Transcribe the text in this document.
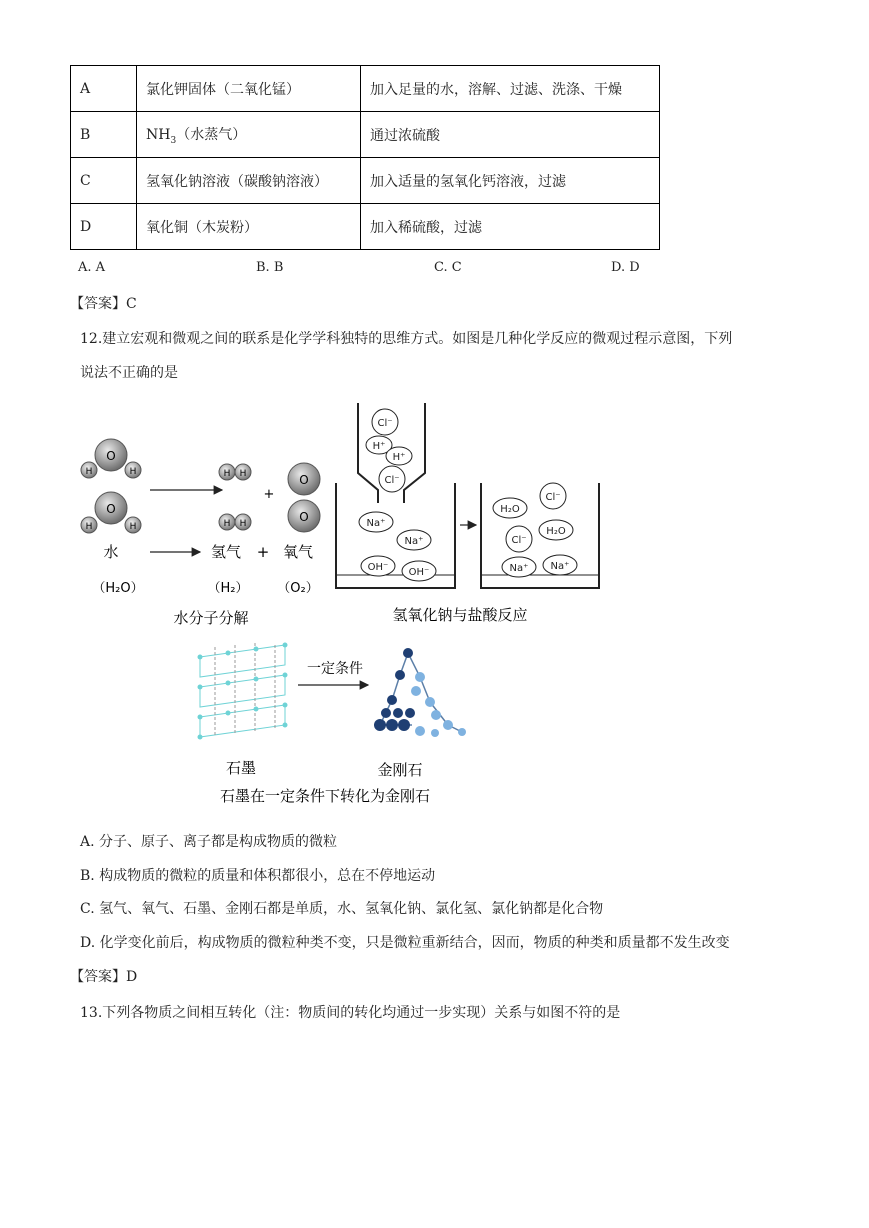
A	氯化钾固体（二氧化锰）	加入足量的水，溶解、过滤、洗涤、干燥
B	$NH_3$（水蒸气）	通过浓硫酸
C	氢氧化钠溶液（碳酸钠溶液）	加入适量的氢氧化钙溶液，过滤
D	氧化铜（木炭粉）	加入稀硫酸，过滤
A. A	B. B	C. C	D. D
【答案】C
12.建立宏观和微观之间的联系是化学学科独特的思维方式。如图是几种化学反应的微观过程示意图，下列
说法不正确的是
O
H	H
O
H	H
H H
H H
+
O
O
水	氢气 + 氧气
（H₂O）	（H₂） （O₂）
水分子分解
Cl⁻
H⁺
H⁺
Cl⁻
Na⁺
Na⁺
OH⁻ OH⁻
H₂O
Cl⁻
H₂O
Cl⁻
Na⁺ Na⁺
氢氧化钠与盐酸反应
一定条件
石墨	金刚石
石墨在一定条件下转化为金刚石
A. 分子、原子、离子都是构成物质的微粒
B. 构成物质的微粒的质量和体积都很小，总在不停地运动
C. 氢气、氧气、石墨、金刚石都是单质，水、氢氧化钠、氯化氢、氯化钠都是化合物
D. 化学变化前后，构成物质的微粒种类不变，只是微粒重新结合，因而，物质的种类和质量都不发生改变
【答案】D
13.下列各物质之间相互转化（注：物质间的转化均通过一步实现）关系与如图不符的是
